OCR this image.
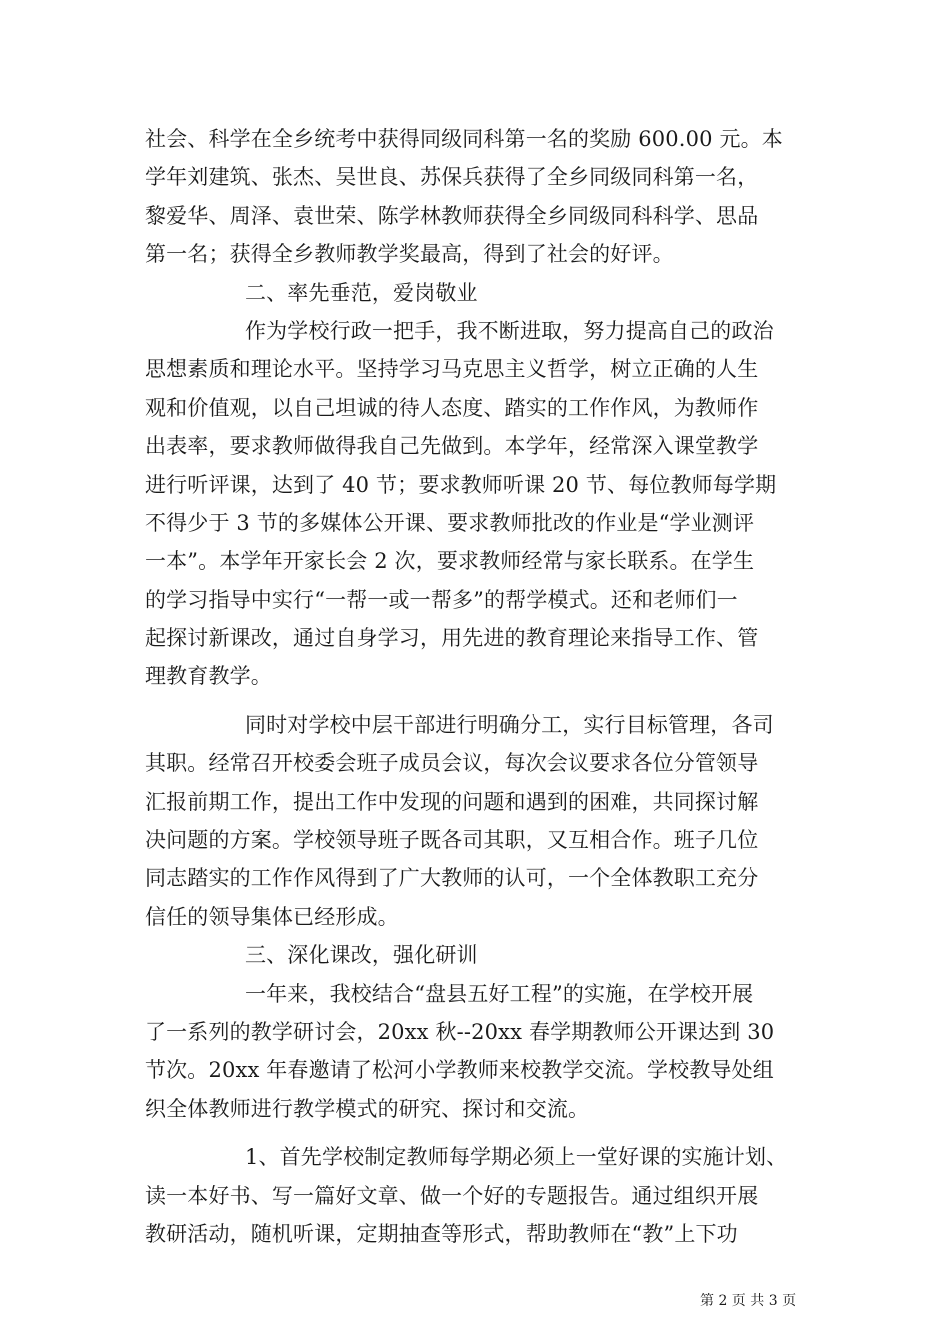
社会、科学在全乡统考中获得同级同科第一名的奖励 600.00 元。本
学年刘建筑、张杰、吴世良、苏保兵获得了全乡同级同科第一名，
黎爱华、周泽、袁世荣、陈学林教师获得全乡同级同科科学、思品
第一名；获得全乡教师教学奖最高，得到了社会的好评。
二、率先垂范，爱岗敬业
作为学校行政一把手，我不断进取，努力提高自己的政治
思想素质和理论水平。坚持学习马克思主义哲学，树立正确的人生
观和价值观，以自己坦诚的待人态度、踏实的工作作风，为教师作
出表率，要求教师做得我自己先做到。本学年，经常深入课堂教学
进行听评课，达到了 40 节；要求教师听课 20 节、每位教师每学期
不得少于 3 节的多媒体公开课、要求教师批改的作业是“学业测评
一本”。本学年开家长会 2 次，要求教师经常与家长联系。在学生
的学习指导中实行“一帮一或一帮多”的帮学模式。还和老师们一
起探讨新课改，通过自身学习，用先进的教育理论来指导工作、管
理教育教学。
同时对学校中层干部进行明确分工，实行目标管理，各司
其职。经常召开校委会班子成员会议，每次会议要求各位分管领导
汇报前期工作，提出工作中发现的问题和遇到的困难，共同探讨解
决问题的方案。学校领导班子既各司其职，又互相合作。班子几位
同志踏实的工作作风得到了广大教师的认可，一个全体教职工充分
信任的领导集体已经形成。
三、深化课改，强化研训
一年来，我校结合“盘县五好工程”的实施，在学校开展
了一系列的教学研讨会，20xx 秋--20xx 春学期教师公开课达到 30
节次。20xx 年春邀请了松河小学教师来校教学交流。学校教导处组
织全体教师进行教学模式的研究、探讨和交流。
1、首先学校制定教师每学期必须上一堂好课的实施计划、
读一本好书、写一篇好文章、做一个好的专题报告。通过组织开展
教研活动，随机听课，定期抽查等形式，帮助教师在“教”上下功
第 2 页 共 3 页
